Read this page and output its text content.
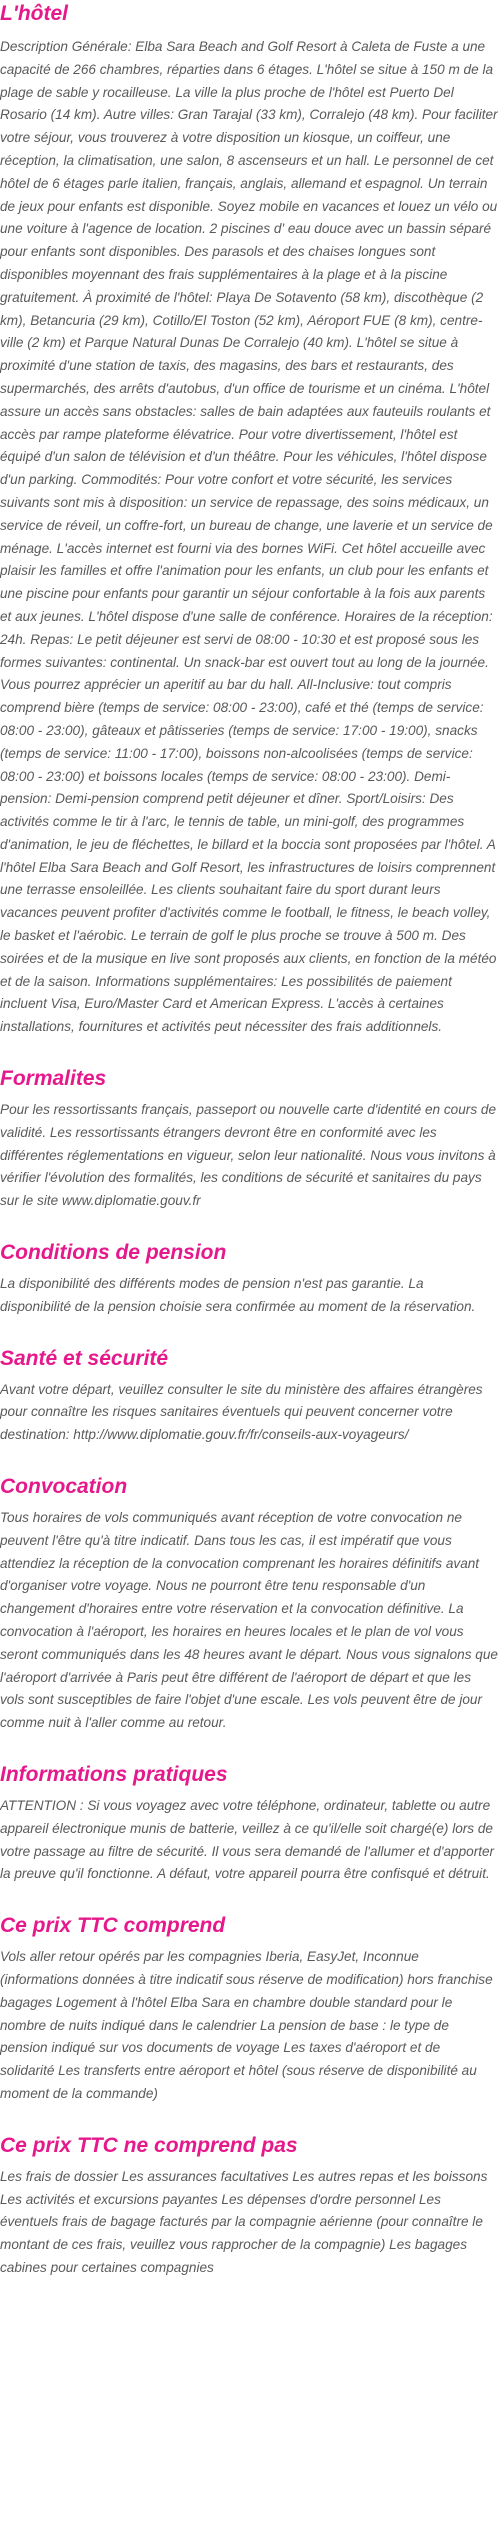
L'hôtel

Description Générale: Elba Sara Beach and Golf Resort à Caleta de Fuste a une capacité de 266 chambres, réparties dans 6 étages. L'hôtel se situe à 150 m de la plage de sable y rocailleuse. La ville la plus proche de l'hôtel est Puerto Del Rosario (14 km). Autre villes: Gran Tarajal (33 km), Corralejo (48 km). Pour faciliter votre séjour, vous trouverez à votre disposition un kiosque, un coiffeur, une réception, la climatisation, une salon, 8 ascenseurs et un hall. Le personnel de cet hôtel de 6 étages parle italien, français, anglais, allemand et espagnol. Un terrain de jeux pour enfants est disponible. Soyez mobile en vacances et louez un vélo ou une voiture à l'agence de location. 2 piscines d' eau douce avec un bassin séparé pour enfants sont disponibles. Des parasols et des chaises longues sont disponibles moyennant des frais supplémentaires à la plage et à la piscine gratuitement. À proximité de l'hôtel: Playa De Sotavento (58 km), discothèque (2 km), Betancuria (29 km), Cotillo/El Toston (52 km), Aéroport FUE (8 km), centre-ville (2 km) et Parque Natural Dunas De Corralejo (40 km). L'hôtel se situe à proximité d'une station de taxis, des magasins, des bars et restaurants, des supermarchés, des arrêts d'autobus, d'un office de tourisme et un cinéma. L'hôtel assure un accès sans obstacles: salles de bain adaptées aux fauteuils roulants et accès par rampe plateforme élévatrice. Pour votre divertissement, l'hôtel est équipé d'un salon de télévision et d'un théâtre. Pour les véhicules, l'hôtel dispose d'un parking. Commodités: Pour votre confort et votre sécurité, les services suivants sont mis à disposition: un service de repassage, des soins médicaux, un service de réveil, un coffre-fort, un bureau de change, une laverie et un service de ménage. L'accès internet est fourni via des bornes WiFi. Cet hôtel accueille avec plaisir les familles et offre l'animation pour les enfants, un club pour les enfants et une piscine pour enfants pour garantir un séjour confortable à la fois aux parents et aux jeunes. L'hôtel dispose d'une salle de conférence. Horaires de la réception: 24h. Repas: Le petit déjeuner est servi de 08:00 - 10:30 et est proposé sous les formes suivantes: continental. Un snack-bar est ouvert tout au long de la journée. Vous pourrez apprécier un aperitif au bar du hall. All-Inclusive: tout compris comprend bière (temps de service: 08:00 - 23:00), café et thé (temps de service: 08:00 - 23:00), gâteaux et pâtisseries (temps de service: 17:00 - 19:00), snacks (temps de service: 11:00 - 17:00), boissons non-alcoolisées (temps de service: 08:00 - 23:00) et boissons locales (temps de service: 08:00 - 23:00). Demi-pension: Demi-pension comprend petit déjeuner et dîner. Sport/Loisirs: Des activités comme le tir à l'arc, le tennis de table, un mini-golf, des programmes d'animation, le jeu de fléchettes, le billard et la boccia sont proposées par l'hôtel. A l'hôtel Elba Sara Beach and Golf Resort, les infrastructures de loisirs comprennent une terrasse ensoleillée. Les clients souhaitant faire du sport durant leurs vacances peuvent profiter d'activités comme le football, le fitness, le beach volley, le basket et l'aérobic. Le terrain de golf le plus proche se trouve à 500 m. Des soirées et de la musique en live sont proposés aux clients, en fonction de la météo et de la saison. Informations supplémentaires: Les possibilités de paiement incluent Visa, Euro/Master Card et American Express. L'accès à certaines installations, fournitures et activités peut nécessiter des frais additionnels.

Formalites

Pour les ressortissants français, passeport ou nouvelle carte d'identité en cours de validité. Les ressortissants étrangers devront être en conformité avec les différentes réglementations en vigueur, selon leur nationalité. Nous vous invitons à vérifier l'évolution des formalités, les conditions de sécurité et sanitaires du pays sur le site www.diplomatie.gouv.fr

Conditions de pension

La disponibilité des différents modes de pension n'est pas garantie. La disponibilité de la pension choisie sera confirmée au moment de la réservation.

Santé et sécurité

Avant votre départ, veuillez consulter le site du ministère des affaires étrangères pour connaître les risques sanitaires éventuels qui peuvent concerner votre destination: http://www.diplomatie.gouv.fr/fr/conseils-aux-voyageurs/

Convocation

Tous horaires de vols communiqués avant réception de votre convocation ne peuvent l'être qu'à titre indicatif. Dans tous les cas, il est impératif que vous attendiez la réception de la convocation comprenant les horaires définitifs avant d'organiser votre voyage. Nous ne pourront être tenu responsable d'un changement d'horaires entre votre réservation et la convocation définitive. La convocation à l'aéroport, les horaires en heures locales et le plan de vol vous seront communiqués dans les 48 heures avant le départ. Nous vous signalons que l'aéroport d'arrivée à Paris peut être différent de l'aéroport de départ et que les vols sont susceptibles de faire l'objet d'une escale. Les vols peuvent être de jour comme nuit à l'aller comme au retour.

Informations pratiques

ATTENTION : Si vous voyagez avec votre téléphone, ordinateur, tablette ou autre appareil électronique munis de batterie, veillez à ce qu'il/elle soit chargé(e) lors de votre passage au filtre de sécurité. Il vous sera demandé de l'allumer et d'apporter la preuve qu'il fonctionne. A défaut, votre appareil pourra être confisqué et détruit.

Ce prix TTC comprend

Vols aller retour opérés par les compagnies Iberia, EasyJet, Inconnue (informations données à titre indicatif sous réserve de modification) hors franchise bagages Logement à l'hôtel Elba Sara en chambre double standard pour le nombre de nuits indiqué dans le calendrier La pension de base : le type de pension indiqué sur vos documents de voyage Les taxes d'aéroport et de solidarité Les transferts entre aéroport et hôtel (sous réserve de disponibilité au moment de la commande)

Ce prix TTC ne comprend pas

Les frais de dossier Les assurances facultatives Les autres repas et les boissons Les activités et excursions payantes Les dépenses d'ordre personnel Les éventuels frais de bagage facturés par la compagnie aérienne (pour connaître le montant de ces frais, veuillez vous rapprocher de la compagnie) Les bagages cabines pour certaines compagnies
